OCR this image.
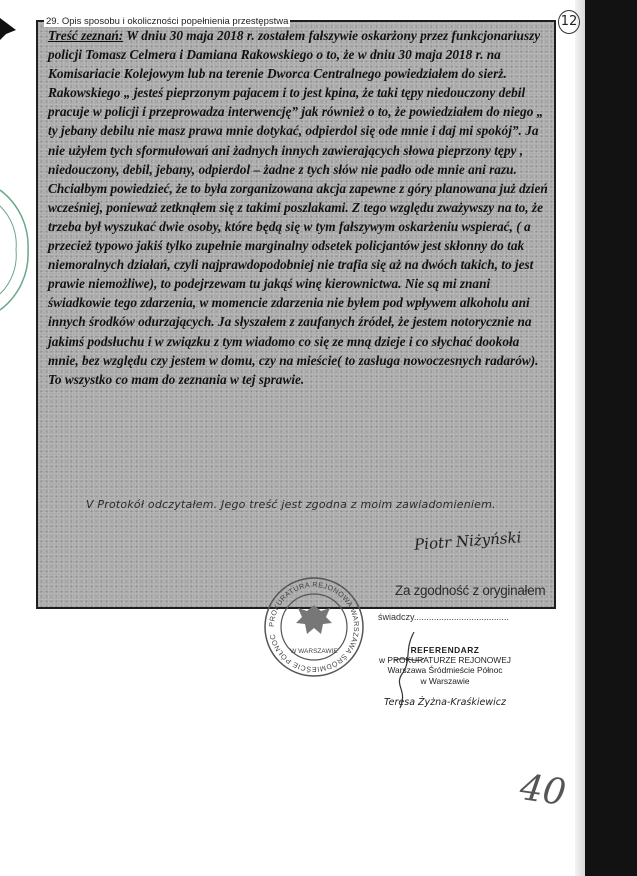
12
29. Opis sposobu i okoliczności popełnienia przestępstwa

Treść zeznań: W dniu 30 maja 2018 r. zostałem fałszywie oskarżony przez funkcjonariuszy policji Tomasz Celmera i Damiana Rakowskiego o to, że w dniu 30 maja 2018 r. na Komisariacie Kolejowym lub na terenie Dworca Centralnego powiedziałem do sierż. Rakowskiego „ jesteś pieprzonym pajacem i to jest kpina, że taki tępy niedouczony debil pracuje w policji i przeprowadza interwencję” jak również o to, że powiedziałem do niego „ ty jebany debilu nie masz prawa mnie dotykać, odpierdol się ode mnie i daj mi spokój”. Ja nie użyłem tych sformułowań ani żadnych innych zawierających słowa pieprzony tępy , niedouczony, debil, jebany, odpierdol – żadne z tych słów nie padło ode mnie ani razu. Chciałbym powiedzieć, że to była zorganizowana akcja zapewne z góry planowana już dzień wcześniej, ponieważ zetknąłem się z takimi poszlakami. Z tego względu zważywszy na to, że trzeba był wyszukać dwie osoby, które będą się w tym fałszywym oskarżeniu wspierać, ( a przecież typowo jakiś tylko zupełnie marginalny odsetek policjantów jest skłonny do tak niemoralnych działań, czyli najprawdopodobniej nie trafia się aż na dwóch takich, to jest prawie niemożliwe), to podejrzewam tu jakąś winę kierownictwa. Nie są mi znani świadkowie tego zdarzenia, w momencie zdarzenia nie byłem pod wpływem alkoholu ani innych środków odurzających. Ja słyszałem z zaufanych źródeł, że jestem notorycznie na jakimś podsłuchu i w związku z tym wiadomo co się ze mną dzieje i co słychać dookoła mnie, bez względu czy jestem w domu, czy na mieście( to zasługa nowoczesnych radarów). To wszystko co mam do zeznania w tej sprawie.

V Protokół odczytałem. Jego treść jest zgodna z moim zawiadomieniem.

Piotr Niżyński

Za zgodność z oryginałem

PROKURATURA REJONOWA WARSZAWA ŚRÓDMIEŚCIE PÓŁNOC
W WARSZAWIE
świadczy......................................
REFERENDARZ
w PROKURATURZE REJONOWEJ
Warszawa Śródmieście Północ
w Warszawie
Teresa Żyżna-Kraśkiewicz
40
